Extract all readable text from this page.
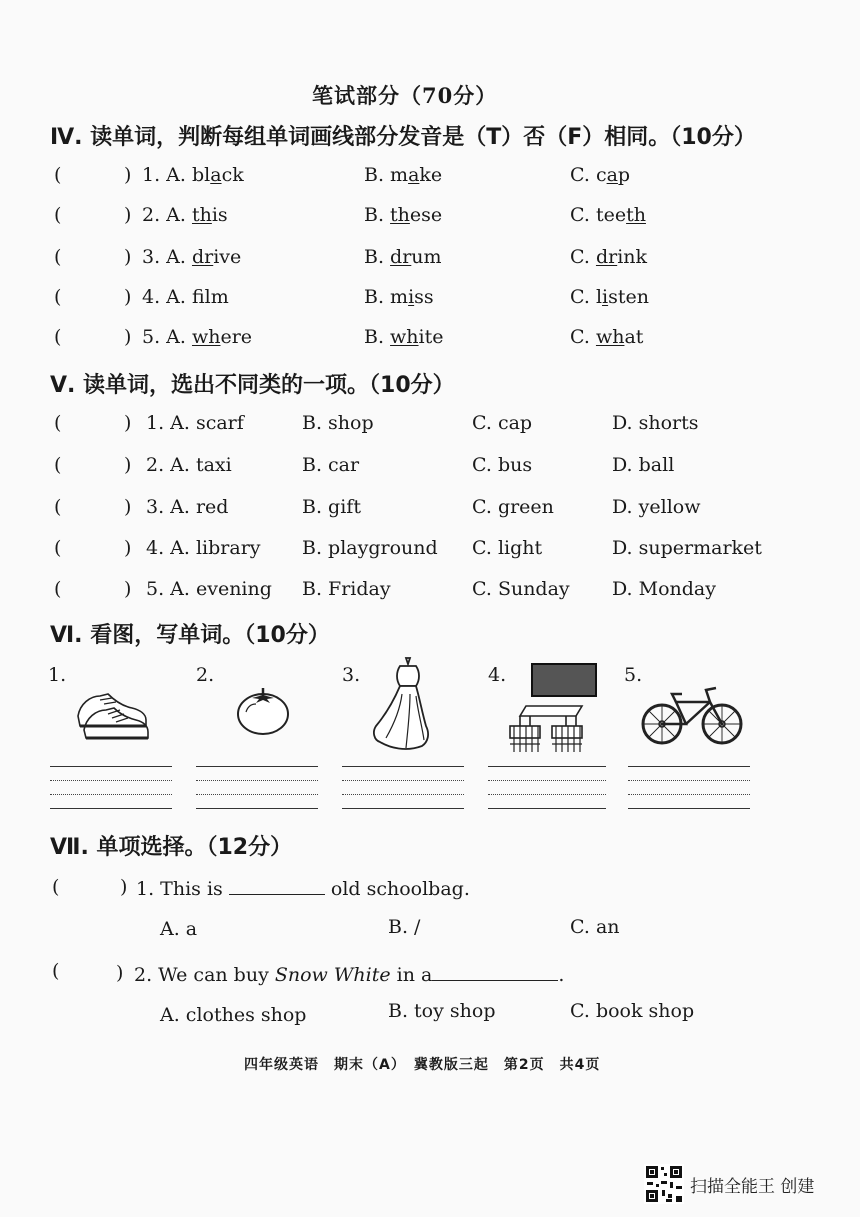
笔试部分（70分）
Ⅳ. 读单词，判断每组单词画线部分发音是（T）否（F）相同。（10分）
(	) 1. A. black	B. make	C. cap
(	) 2. A. this	B. these	C. teeth
(	) 3. A. drive	B. drum	C. drink
(	) 4. A. flm	B. miss	C. listen
(	) 5. A. where	B. white	C. what
Ⅴ. 读单词，选出不同类的一项。（10分）
(	) 1. A. scarf	B. shop	C. cap	D. shorts
(	) 2. A. taxi	B. car	C. bus	D. ball
(	) 3. A. red	B. gift	C. green	D. yellow
(	) 4. A. library B. playground C. light	D. supermarket
(	) 5. A. evening B. Friday	C. Sunday D. Monday
Ⅵ. 看图，写单词。（10分）
1.	2.	3.	4.	5.
Ⅶ. 单项选择。（12分）
(	) 1. This is	old schoolbag.
A. a	B. /	C. an
(	) 2. We can buy Snow White in a	.
A. clothes shop	B. toy shop	C. book shop
四年级英语　期末（A）　冀教版三起　第2页　共4页
扫描全能王 创建
